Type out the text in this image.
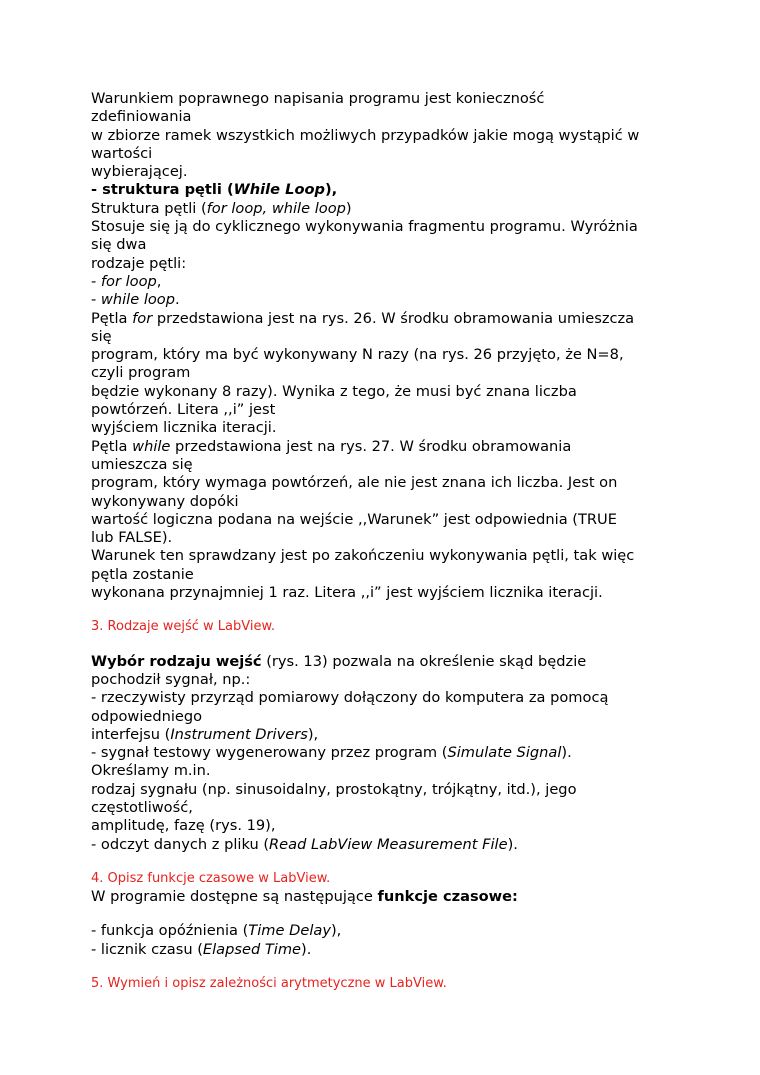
Warunkiem poprawnego napisania programu jest konieczność
zdefiniowania
w zbiorze ramek wszystkich możliwych przypadków jakie mogą wystąpić w
wartości
wybierającej.
- struktura pętli (While Loop),
Struktura pętli (for loop, while loop)
Stosuje się ją do cyklicznego wykonywania fragmentu programu. Wyróżnia
się dwa
rodzaje pętli:
- for loop,
- while loop.
Pętla for przedstawiona jest na rys. 26. W środku obramowania umieszcza
się
program, który ma być wykonywany N razy (na rys. 26 przyjęto, że N=8,
czyli program
będzie wykonany 8 razy). Wynika z tego, że musi być znana liczba
powtórzeń. Litera ,,i” jest
wyjściem licznika iteracji.
Pętla while przedstawiona jest na rys. 27. W środku obramowania
umieszcza się
program, który wymaga powtórzeń, ale nie jest znana ich liczba. Jest on
wykonywany dopóki
wartość logiczna podana na wejście ,,Warunek” jest odpowiednia (TRUE
lub FALSE).
Warunek ten sprawdzany jest po zakończeniu wykonywania pętli, tak więc
pętla zostanie
wykonana przynajmniej 1 raz. Litera ,,i” jest wyjściem licznika iteracji.
3. Rodzaje wejść w LabView.
Wybór rodzaju wejść (rys. 13) pozwala na określenie skąd będzie
pochodził sygnał, np.:
- rzeczywisty przyrząd pomiarowy dołączony do komputera za pomocą
odpowiedniego
interfejsu (Instrument Drivers),
- sygnał testowy wygenerowany przez program (Simulate Signal).
Określamy m.in.
rodzaj sygnału (np. sinusoidalny, prostokątny, trójkątny, itd.), jego
częstotliwość,
amplitudę, fazę (rys. 19),
- odczyt danych z pliku (Read LabView Measurement File).
4. Opisz funkcje czasowe w LabView.
W programie dostępne są następujące funkcje czasowe:
- funkcja opóźnienia (Time Delay),
- licznik czasu (Elapsed Time).
5. Wymień i opisz zależności arytmetyczne w LabView.
